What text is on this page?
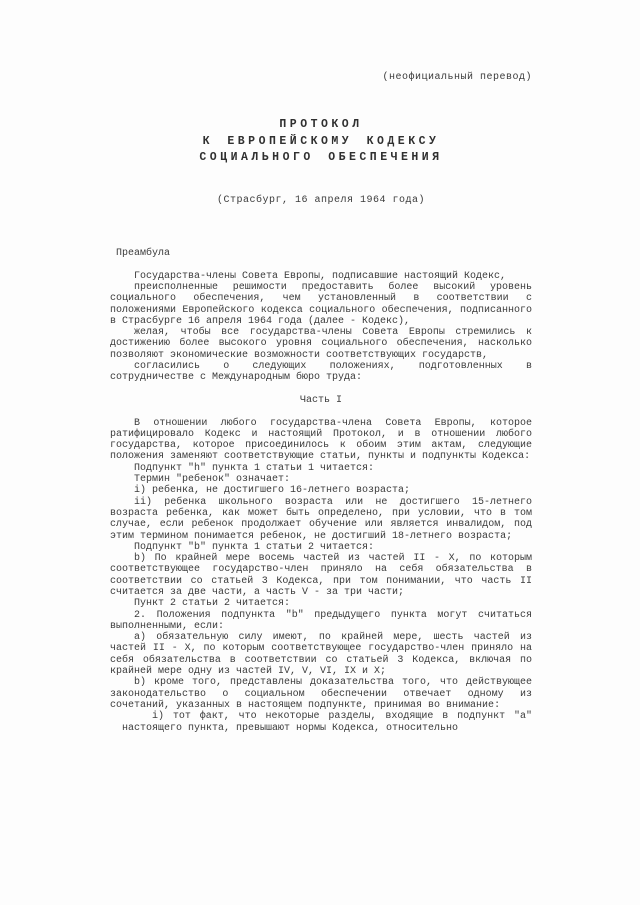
(неофициальный перевод)
ПРОТОКОЛ
К ЕВРОПЕЙСКОМУ КОДЕКСУ
СОЦИАЛЬНОГО ОБЕСПЕЧЕНИЯ
(Страсбург, 16 апреля 1964 года)
Преамбула
Государства-члены Совета Европы, подписавшие настоящий Кодекс,
преисполненные решимости предоставить более высокий уровень социального обеспечения, чем установленный в соответствии с положениями Европейского кодекса социального обеспечения, подписанного в Страсбурге 16 апреля 1964 года (далее - Кодекс),
желая, чтобы все государства-члены Совета Европы стремились к достижению более высокого уровня социального обеспечения, насколько позволяют экономические возможности соответствующих государств,
согласились о следующих положениях, подготовленных в сотрудничестве с Международным бюро труда:
Часть I
В отношении любого государства-члена Совета Европы, которое ратифицировало Кодекс и настоящий Протокол, и в отношении любого государства, которое присоединилось к обоим этим актам, следующие положения заменяют соответствующие статьи, пункты и подпункты Кодекса:
Подпункт "h" пункта 1 статьи 1 читается:
Термин "ребенок" означает:
i) ребенка, не достигшего 16-летнего возраста;
ii) ребенка школьного возраста или не достигшего 15-летнего возраста ребенка, как может быть определено, при условии, что в том случае, если ребенок продолжает обучение или является инвалидом, под этим термином понимается ребенок, не достигший 18-летнего возраста;
Подпункт "b" пункта 1 статьи 2 читается:
b) По крайней мере восемь частей из частей II - X, по которым соответствующее государство-член приняло на себя обязательства в соответствии со статьей 3 Кодекса, при том понимании, что часть II считается за две части, а часть V - за три части;
Пункт 2 статьи 2 читается:
2. Положения подпункта "b" предыдущего пункта могут считаться выполненными, если:
a) обязательную силу имеют, по крайней мере, шесть частей из частей II - X, по которым соответствующее государство-член приняло на себя обязательства в соответствии со статьей 3 Кодекса, включая по крайней мере одну из частей IV, V, VI, IX и X;
b) кроме того, представлены доказательства того, что действующее законодательство о социальном обеспечении отвечает одному из сочетаний, указанных в настоящем подпункте, принимая во внимание:
i) тот факт, что некоторые разделы, входящие в подпункт "a" настоящего пункта, превышают нормы Кодекса, относительно
